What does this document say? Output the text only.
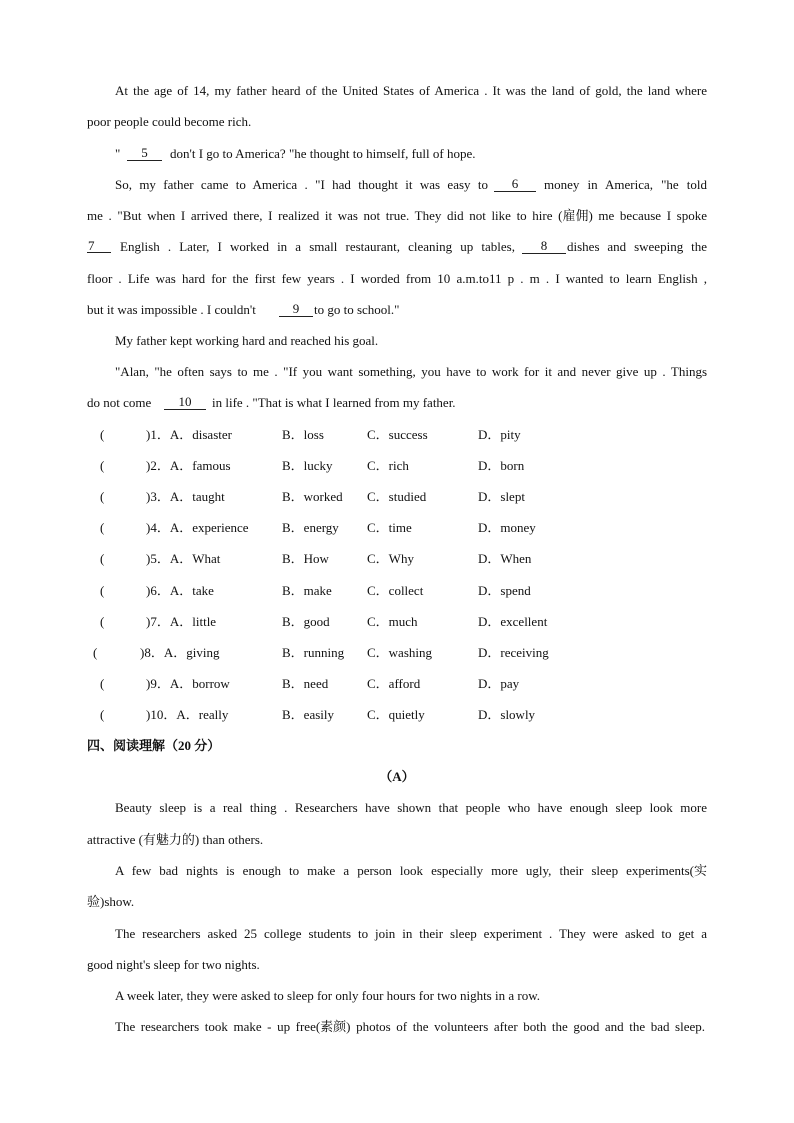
At the age of 14, my father heard of the United States of America . It was the land of gold, the land where
poor people could become rich.
"	5	don't I go to America? "he thought to himself, full of hope.
So, my father came to America . "I had thought it was easy to	6	money in America, "he told
me . "But when I arrived there, I realized it was not true. They did not like to hire (雇佣) me because I spoke
7	English . Later, I worked in a small restaurant, cleaning up tables,	8	dishes and sweeping the
floor . Life was hard for the first few years . I worded from 10 a.m.to11 p . m . I wanted to learn English ,
but it was impossible . I couldn't	9	to go to school."
My father kept working hard and reached his goal.
"Alan, "he often says to me . "If you want something, you have to work for it and never give up . Things
do not come	10	in life . "That is what I learned from my father.
(	)1．A．disaster	B．loss	C．success	D．pity
(	)2．A．famous	B．lucky	C．rich	D．born
(	)3．A．taught	B．worked C．studied	D．slept
(	)4．A．experience	B．energy C．time	D．money
(	)5．A．What	B．How	C．Why	D．When
(	)6．A．take	B．make	C．collect	D．spend
(	)7．A．little	B．good	C．much	D．excellent
(	)8．A．giving	B．running C．washing	D．receiving
(	)9．A．borrow	B．need	C．afford	D．pay
(	)10．A．really	B．easily	C．quietly	D．slowly
四、阅读理解（20 分）
（A）
Beauty sleep is a real thing . Researchers have shown that people who have enough sleep look more
attractive (有魅力的) than others.
A few bad nights is enough to make a person look especially more ugly, their sleep experiments(实
验)show.
The researchers asked 25 college students to join in their sleep experiment . They were asked to get a
good night's sleep for two nights.
A week later, they were asked to sleep for only four hours for two nights in a row.
The researchers took make - up free(素颜) photos of the volunteers after both the good and the bad sleep.
